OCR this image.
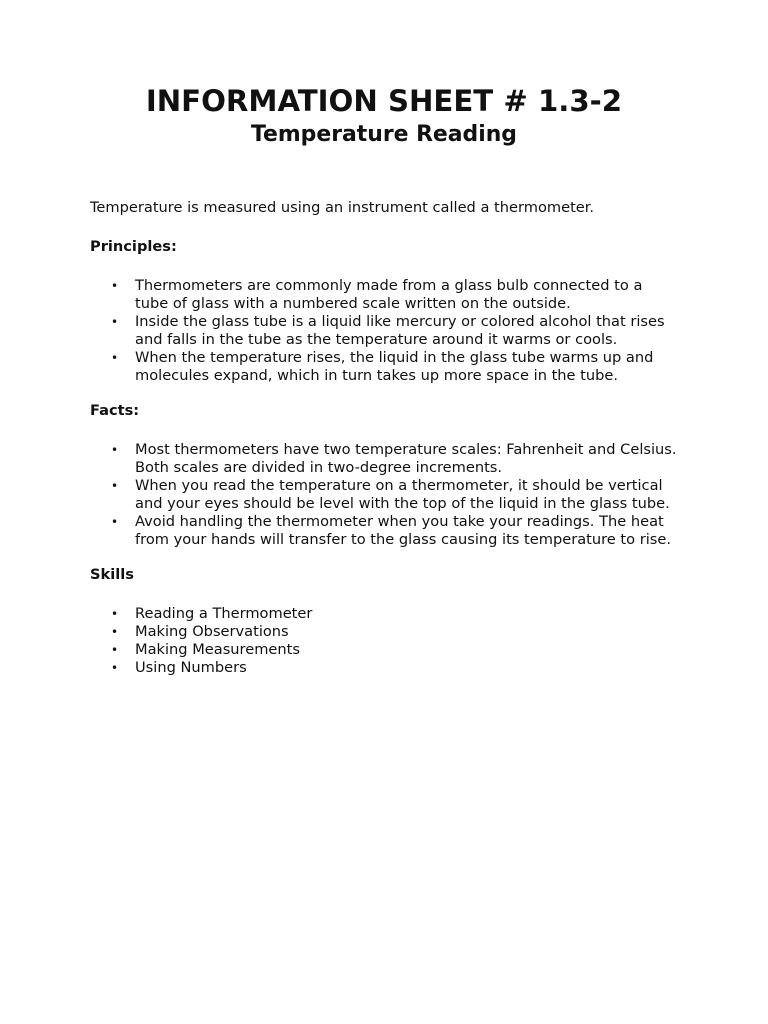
INFORMATION SHEET # 1.3-2
Temperature Reading

Temperature is measured using an instrument called a thermometer.

Principles:

• Thermometers are commonly made from a glass bulb connected to a tube of glass with a numbered scale written on the outside.
• Inside the glass tube is a liquid like mercury or colored alcohol that rises and falls in the tube as the temperature around it warms or cools.
• When the temperature rises, the liquid in the glass tube warms up and molecules expand, which in turn takes up more space in the tube.

Facts:

• Most thermometers have two temperature scales: Fahrenheit and Celsius. Both scales are divided in two-degree increments.
• When you read the temperature on a thermometer, it should be vertical and your eyes should be level with the top of the liquid in the glass tube.
• Avoid handling the thermometer when you take your readings. The heat from your hands will transfer to the glass causing its temperature to rise.

Skills

• Reading a Thermometer
• Making Observations
• Making Measurements
• Using Numbers
